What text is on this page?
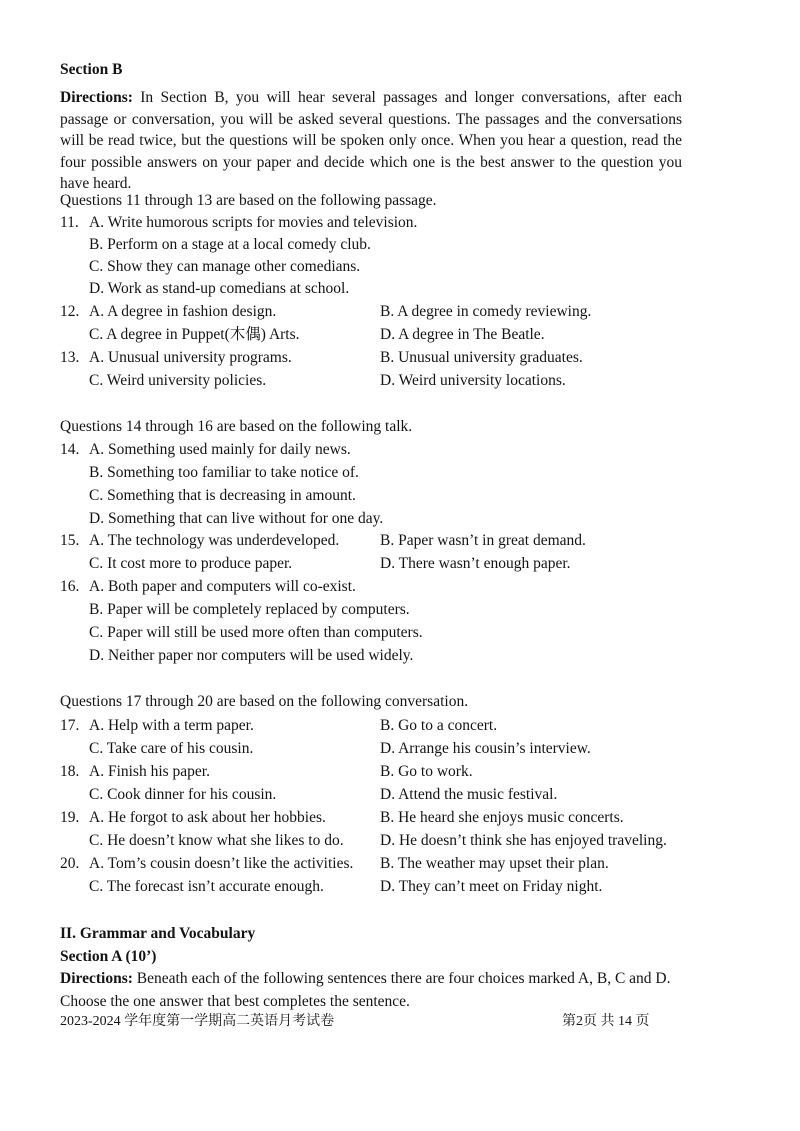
Section B
Directions: In Section B, you will hear several passages and longer conversations, after each passage or conversation, you will be asked several questions. The passages and the conversations will be read twice, but the questions will be spoken only once. When you hear a question, read the four possible answers on your paper and decide which one is the best answer to the question you have heard.
Questions 11 through 13 are based on the following passage.
11. A. Write humorous scripts for movies and television.
B. Perform on a stage at a local comedy club.
C. Show they can manage other comedians.
D. Work as stand-up comedians at school.
12. A. A degree in fashion design.	B. A degree in comedy reviewing.
C. A degree in Puppet(木偶) Arts.	D. A degree in The Beatle.
13. A. Unusual university programs.	B. Unusual university graduates.
C. Weird university policies.	D. Weird university locations.
Questions 14 through 16 are based on the following talk.
14. A. Something used mainly for daily news.
B. Something too familiar to take notice of.
C. Something that is decreasing in amount.
D. Something that can live without for one day.
15. A. The technology was underdeveloped.	B. Paper wasn’t in great demand.
C. It cost more to produce paper.	D. There wasn’t enough paper.
16. A. Both paper and computers will co-exist.
B. Paper will be completely replaced by computers.
C. Paper will still be used more often than computers.
D. Neither paper nor computers will be used widely.
Questions 17 through 20 are based on the following conversation.
17. A. Help with a term paper.	B. Go to a concert.
C. Take care of his cousin.	D. Arrange his cousin’s interview.
18. A. Finish his paper.	B. Go to work.
C. Cook dinner for his cousin.	D. Attend the music festival.
19. A. He forgot to ask about her hobbies.	B. He heard she enjoys music concerts.
C. He doesn’t know what she likes to do. D. He doesn’t think she has enjoyed traveling.
20. A. Tom’s cousin doesn’t like the activities. B. The weather may upset their plan.
C. The forecast isn’t accurate enough.	D. They can’t meet on Friday night.
II. Grammar and Vocabulary
Section A (10’)
Directions: Beneath each of the following sentences there are four choices marked A, B, C and D.
Choose the one answer that best completes the sentence.
2023-2024 学年度第一学期高二英语月考试卷	第2页 共 14 页
